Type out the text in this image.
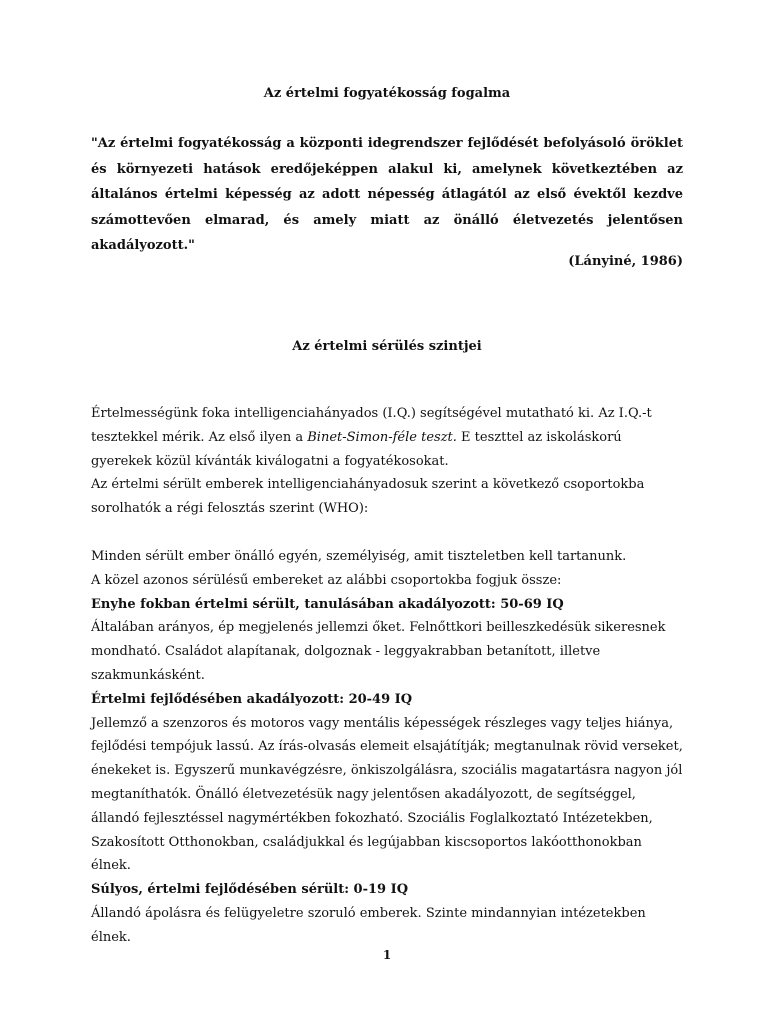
Az értelmi fogyatékosság fogalma

"Az értelmi fogyatékosság a központi idegrendszer fejlődését befolyásoló öröklet és környezeti hatások eredőjeképpen alakul ki, amelynek következtében az általános értelmi képesség az adott népesség átlagától az első évektől kezdve számottevően elmarad, és amely miatt az önálló életvezetés jelentősen akadályozott."

(Lányiné, 1986)

Az értelmi sérülés szintjei

Értelmességünk foka intelligenciahányados (I.Q.) segítségével mutatható ki. Az I.Q.-t tesztekkel mérik. Az első ilyen a Binet-Simon-féle teszt. E teszttel az iskoláskorú gyerekek közül kívánták kiválogatni a fogyatékosokat.

Az értelmi sérült emberek intelligenciahányadosuk szerint a következő csoportokba sorolhatók a régi felosztás szerint (WHO):

Minden sérült ember önálló egyén, személyiség, amit tiszteletben kell tartanunk.

A közel azonos sérülésű embereket az alábbi csoportokba fogjuk össze:

Enyhe fokban értelmi sérült, tanulásában akadályozott: 50-69 IQ

Általában arányos, ép megjelenés jellemzi őket. Felnőttkori beilleszkedésük sikeresnek mondható. Családot alapítanak, dolgoznak - leggyakrabban betanított, illetve szakmunkásként.

Értelmi fejlődésében akadályozott: 20-49 IQ

Jellemző a szenzoros és motoros vagy mentális képességek részleges vagy teljes hiánya, fejlődési tempójuk lassú. Az írás-olvasás elemeit elsajátítják; megtanulnak rövid verseket, énekeket is. Egyszerű munkavégzésre, önkiszolgálásra, szociális magatartásra nagyon jól megtaníthatók. Önálló életvezetésük nagy jelentősen akadályozott, de segítséggel, állandó fejlesztéssel nagymértékben fokozható. Szociális Foglalkoztató Intézetekben, Szakosított Otthonokban, családjukkal és legújabban kiscsoportos lakóotthonokban élnek.

Súlyos, értelmi fejlődésében sérült: 0-19 IQ

Állandó ápolásra és felügyeletre szoruló emberek. Szinte mindannyian intézetekben élnek.

1
